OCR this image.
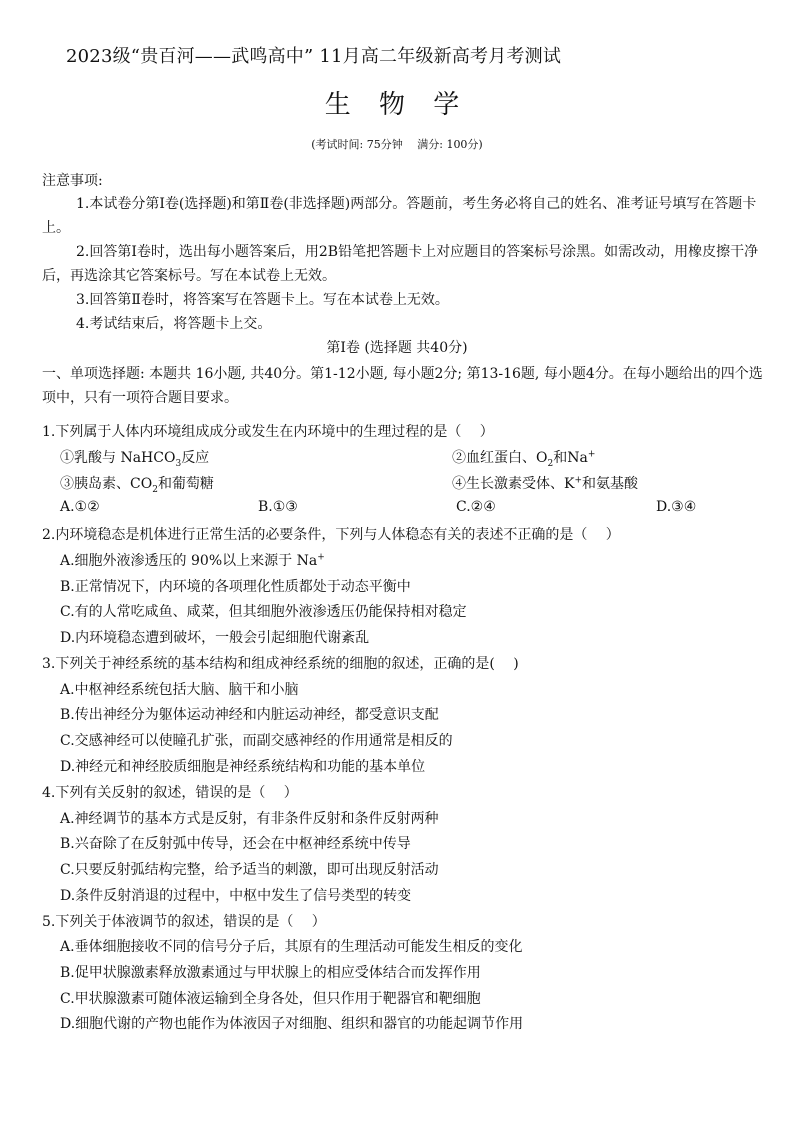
2023级“贵百河——武鸣高中” 11月高二年级新高考月考测试
生 物 学
(考试时间: 75分钟　 满分: 100分)
注意事项:
1.本试卷分第Ⅰ卷(选择题)和第Ⅱ卷(非选择题)两部分。答题前，考生务必将自己的姓名、准考证号填写在答题卡上。
2.回答第Ⅰ卷时，选出每小题答案后，用2B铅笔把答题卡上对应题目的答案标号涂黑。如需改动，用橡皮擦干净后，再选涂其它答案标号。写在本试卷上无效。
3.回答第Ⅱ卷时，将答案写在答题卡上。写在本试卷上无效。
4.考试结束后，将答题卡上交。
第Ⅰ卷 (选择题 共40分)
一、单项选择题: 本题共 16小题, 共40分。第1-12小题, 每小题2分; 第13-16题, 每小题4分。在每小题给出的四个选项中，只有一项符合题目要求。
1.下列属于人体内环境组成成分或发生在内环境中的生理过程的是（　 ）
①乳酸与 NaHCO$_3$反应	②血红蛋白、$O_2$和Na+
③胰岛素、$CO_2$和葡萄糖	④生长激素受体、K+和氨基酸
A.①②	B.①③	C.②④	D.③④
2.内环境稳态是机体进行正常生活的必要条件，下列与人体稳态有关的表述不正确的是（　 ）
A.细胞外液渗透压的 90%以上来源于 Na+
B.正常情况下，内环境的各项理化性质都处于动态平衡中
C.有的人常吃咸鱼、咸菜，但其细胞外液渗透压仍能保持相对稳定
D.内环境稳态遭到破坏，一般会引起细胞代谢紊乱
3.下列关于神经系统的基本结构和组成神经系统的细胞的叙述，正确的是(　 )
A.中枢神经系统包括大脑、脑干和小脑
B.传出神经分为躯体运动神经和内脏运动神经，都受意识支配
C.交感神经可以使瞳孔扩张，而副交感神经的作用通常是相反的
D.神经元和神经胶质细胞是神经系统结构和功能的基本单位
4.下列有关反射的叙述，错误的是（　 ）
A.神经调节的基本方式是反射，有非条件反射和条件反射两种
B.兴奋除了在反射弧中传导，还会在中枢神经系统中传导
C.只要反射弧结构完整，给予适当的刺激，即可出现反射活动
D.条件反射消退的过程中，中枢中发生了信号类型的转变
5.下列关于体液调节的叙述，错误的是（　 ）
A.垂体细胞接收不同的信号分子后，其原有的生理活动可能发生相反的变化
B.促甲状腺激素释放激素通过与甲状腺上的相应受体结合而发挥作用
C.甲状腺激素可随体液运输到全身各处，但只作用于靶器官和靶细胞
D.细胞代谢的产物也能作为体液因子对细胞、组织和器官的功能起调节作用
